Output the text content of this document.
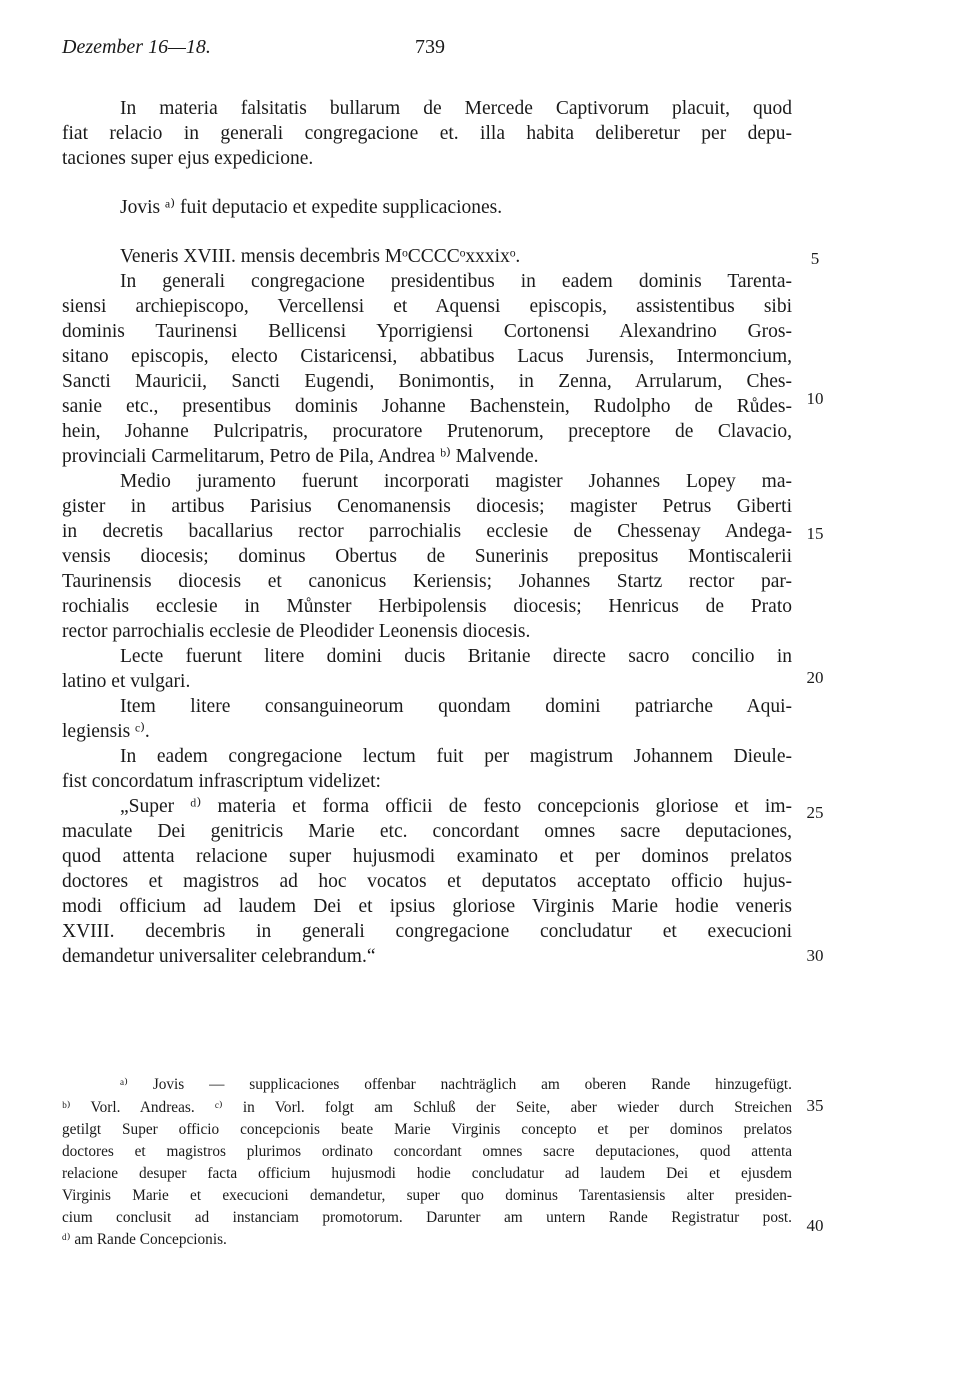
Dezember 16—18.	739
In materia falsitatis bullarum de Mercede Captivorum placuit, quod
fiat relacio in generali congregacione et. illa habita deliberetur per depu-
taciones super ejus expedicione.
Jovis ᵃ⁾ fuit deputacio et expedite supplicaciones.
Veneris XVIII. mensis decembris MᵒCCCCᵒxxxixᵒ.
In generali congregacione presidentibus in eadem dominis Tarenta-
siensi archiepiscopo, Vercellensi et Aquensi episcopis, assistentibus sibi
dominis Taurinensi Bellicensi Yporrigiensi Cortonensi Alexandrino Gros-
sitano episcopis, electo Cistaricensi, abbatibus Lacus Jurensis, Intermoncium,
Sancti Mauricii, Sancti Eugendi, Bonimontis, in Zenna, Arrularum, Ches-
sanie etc., presentibus dominis Johanne Bachenstein, Rudolpho de Růdes-
hein, Johanne Pulcripatris, procuratore Prutenorum, preceptore de Clavacio,
provinciali Carmelitarum, Petro de Pila, Andrea ᵇ⁾ Malvende.
Medio juramento fuerunt incorporati magister Johannes Lopey ma-
gister in artibus Parisius Cenomanensis diocesis; magister Petrus Giberti
in decretis bacallarius rector parrochialis ecclesie de Chessenay Andega-
vensis diocesis; dominus Obertus de Sunerinis prepositus Montiscalerii
Taurinensis diocesis et canonicus Keriensis; Johannes Startz rector par-
rochialis ecclesie in Můnster Herbipolensis diocesis; Henricus de Prato
rector parrochialis ecclesie de Pleodider Leonensis diocesis.
Lecte fuerunt litere domini ducis Britanie directe sacro concilio in
latino et vulgari.
Item litere consanguineorum quondam domini patriarche Aqui-
legiensis ᶜ⁾.
In eadem congregacione lectum fuit per magistrum Johannem Dieule-
fist concordatum infrascriptum videlizet:
„Super ᵈ⁾ materia et forma officii de festo concepcionis gloriose et im-
maculate Dei genitricis Marie etc. concordant omnes sacre deputaciones,
quod attenta relacione super hujusmodi examinato et per dominos prelatos
doctores et magistros ad hoc vocatos et deputatos acceptato officio hujus-
modi officium ad laudem Dei et ipsius gloriose Virginis Marie hodie veneris
XVIII. decembris in generali congregacione concludatur et execucioni
demandetur universaliter celebrandum.“
ᵃ⁾ Jovis — supplicaciones offenbar nachträglich am oberen Rande hinzugefügt.
ᵇ⁾ Vorl. Andreas. ᶜ⁾ in Vorl. folgt am Schluß der Seite, aber wieder durch Streichen
getilgt Super officio concepcionis beate Marie Virginis concepto et per dominos prelatos
doctores et magistros plurimos ordinato concordant omnes sacre deputaciones, quod attenta
relacione desuper facta officium hujusmodi hodie concludatur ad laudem Dei et ejusdem
Virginis Marie et execucioni demandetur, super quo dominus Tarentasiensis alter presiden-
cium conclusit ad instanciam promotorum. Darunter am untern Rande Registratur post.
ᵈ⁾ am Rande Concepcionis.
5
10
15
20
25
30
35
40
